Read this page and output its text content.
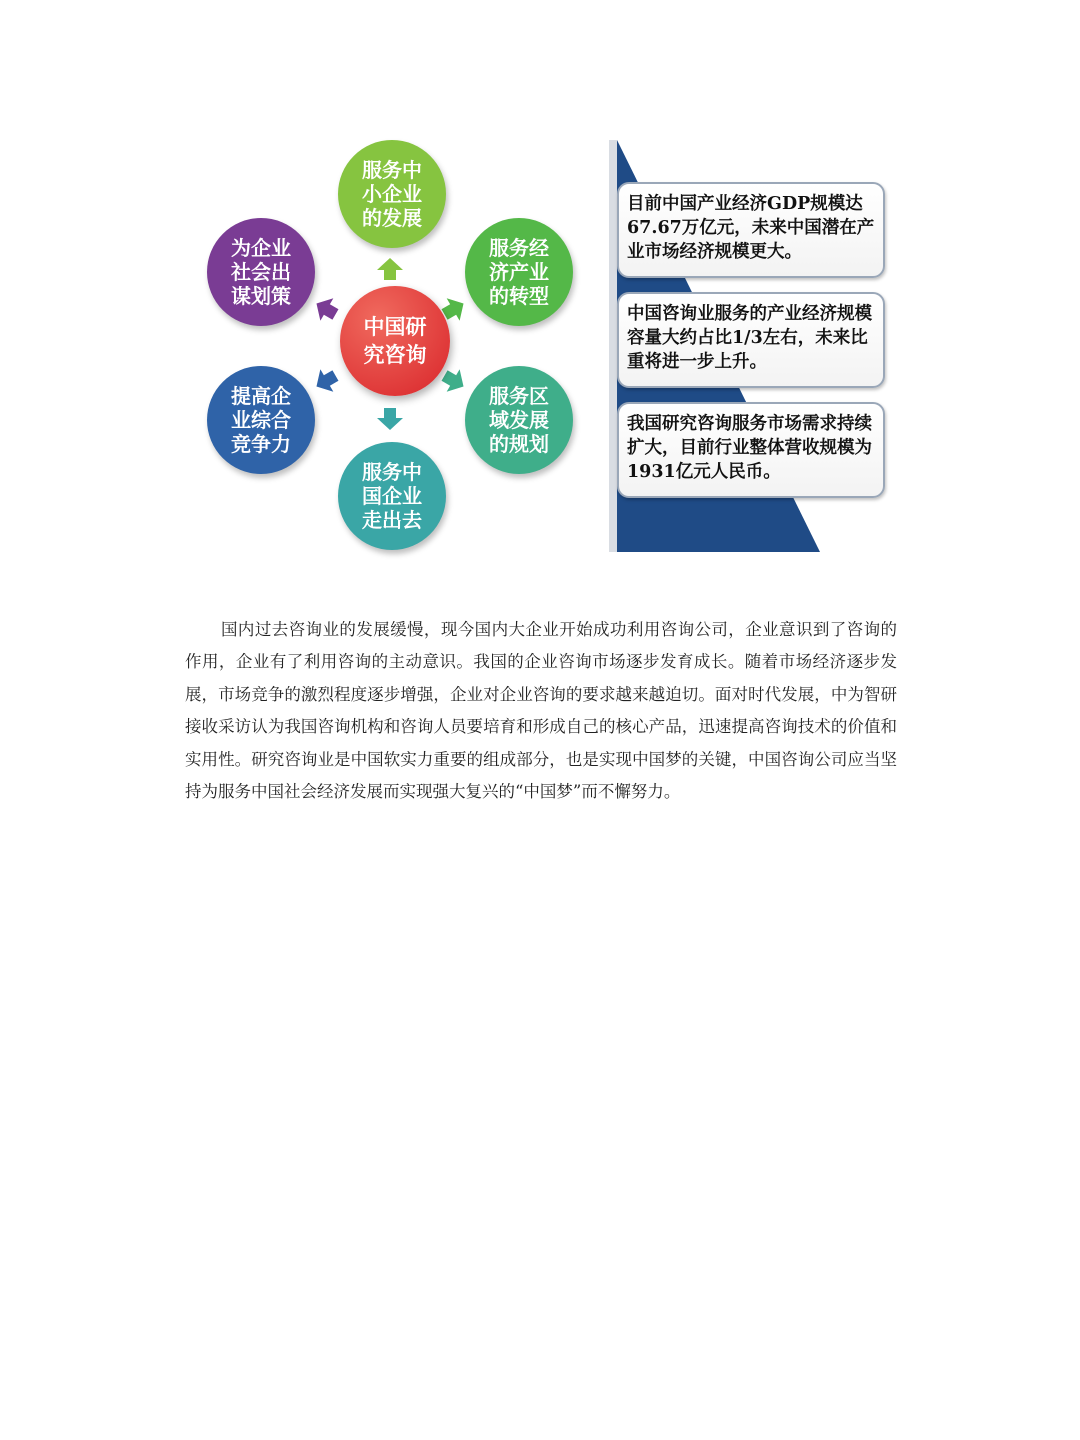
中国研
究咨询
服务中
小企业
的发展
服务经
济产业
的转型
服务区
域发展
的规划
服务中
国企业
走出去
提高企
业综合
竞争力
为企业
社会出
谋划策
目前中国产业经济GDP规模达67.67万亿元，未来中国潜在产业市场经济规模更大。
中国咨询业服务的产业经济规模容量大约占比1/3左右，未来比重将进一步上升。
我国研究咨询服务市场需求持续扩大，目前行业整体营收规模为1931亿元人民币。

国内过去咨询业的发展缓慢，现今国内大企业开始成功利用咨询公司，企业意识到了咨询的作用，企业有了利用咨询的主动意识。我国的企业咨询市场逐步发育成长。随着市场经济逐步发展，市场竞争的激烈程度逐步增强，企业对企业咨询的要求越来越迫切。面对时代发展，中为智研接收采访认为我国咨询机构和咨询人员要培育和形成自己的核心产品，迅速提高咨询技术的价值和实用性。研究咨询业是中国软实力重要的组成部分，也是实现中国梦的关键，中国咨询公司应当坚持为服务中国社会经济发展而实现强大复兴的“中国梦”而不懈努力。
